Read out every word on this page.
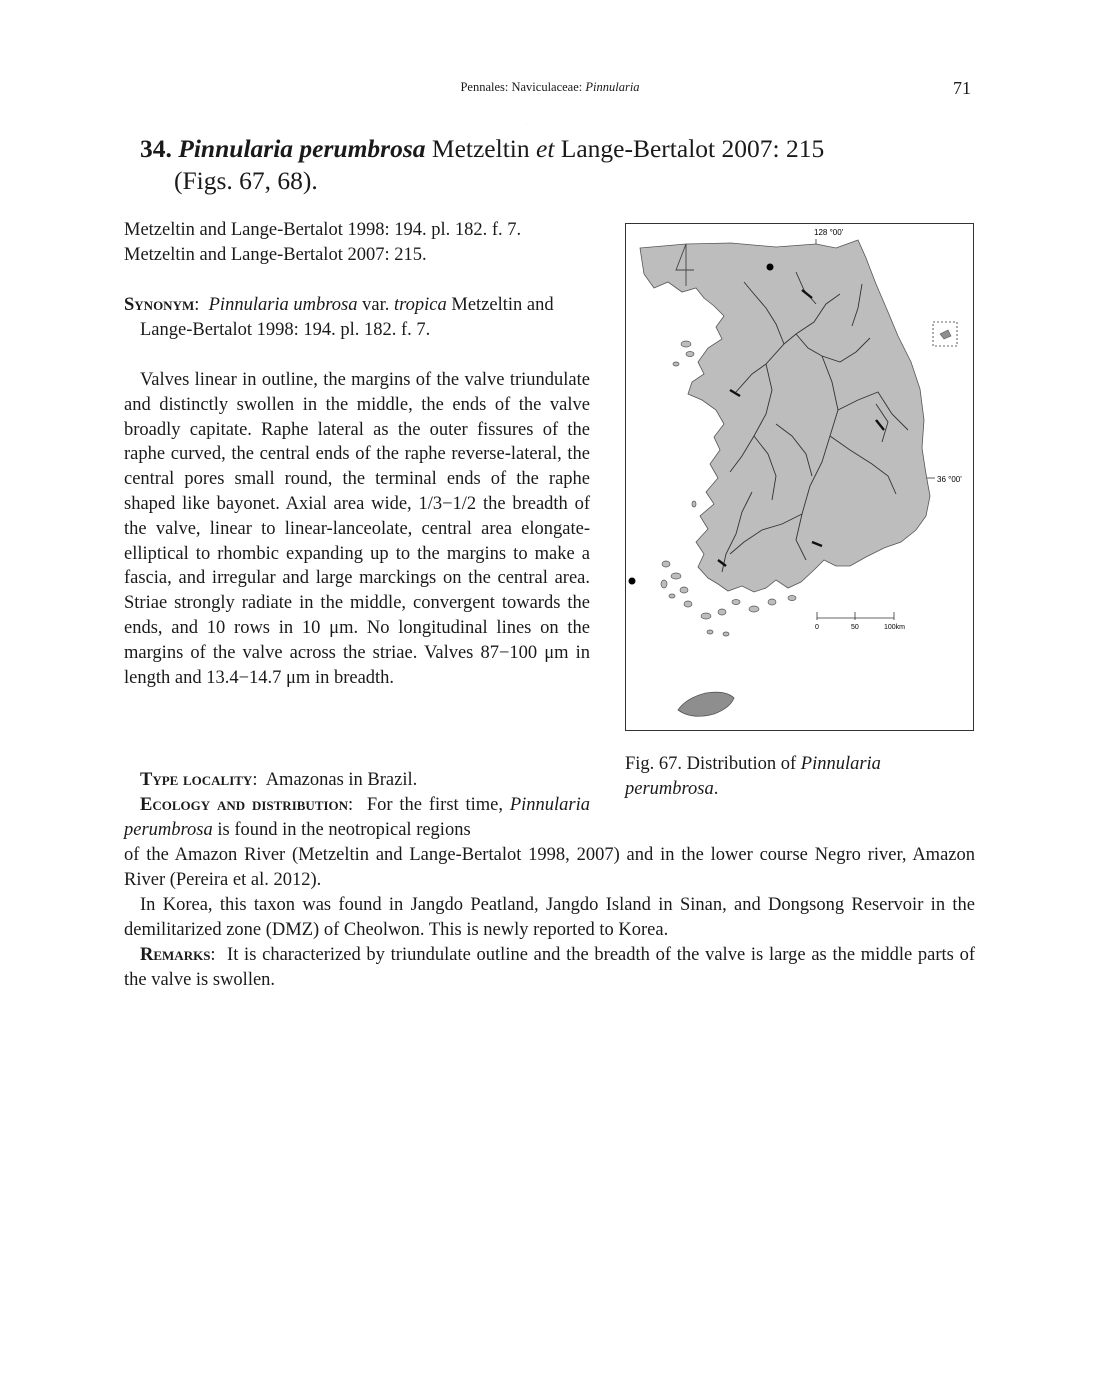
Pennales: Naviculaceae: Pinnularia	71
34. Pinnularia perumbrosa Metzeltin et Lange-Bertalot 2007: 215
(Figs. 67, 68).
Metzeltin and Lange-Bertalot 1998: 194. pl. 182. f. 7.
Metzeltin and Lange-Bertalot 2007: 215.
Synonym:  Pinnularia umbrosa var. tropica Metzeltin and Lange-Bertalot 1998: 194. pl. 182. f. 7.
Valves linear in outline, the margins of the valve triundulate and distinctly swollen in the middle, the ends of the valve broadly capitate. Raphe lateral as the outer fissures of the raphe curved, the central ends of the raphe reverse-lateral, the central pores small round, the terminal ends of the raphe shaped like bayonet. Axial area wide, 1/3−1/2 the breadth of the valve, linear to linear-lanceolate, central area elongate-elliptical to rhombic expanding up to the margins to make a fascia, and irregular and large marckings on the central area. Striae strongly radiate in the middle, convergent towards the ends, and 10 rows in 10 μm. No longitudinal lines on the margins of the valve across the striae. Valves 87−100 μm in length and 13.4−14.7 μm in breadth.
Type locality:  Amazonas in Brazil.
Ecology and distribution:  For the first time, Pinnularia perumbrosa is found in the neotropical regions
of the Amazon River (Metzeltin and Lange-Bertalot 1998, 2007) and in the lower course Negro river, Amazon River (Pereira et al. 2012).
In Korea, this taxon was found in Jangdo Peatland, Jangdo Island in Sinan, and Dongsong Reservoir in the demilitarized zone (DMZ) of Cheolwon. This is newly reported to Korea.
Remarks:  It is characterized by triundulate outline and the breadth of the valve is large as the middle parts of the valve is swollen.
128 °00'
36 °00'
4
0	50	100km
Fig. 67. Distribution of Pinnularia perumbrosa.
